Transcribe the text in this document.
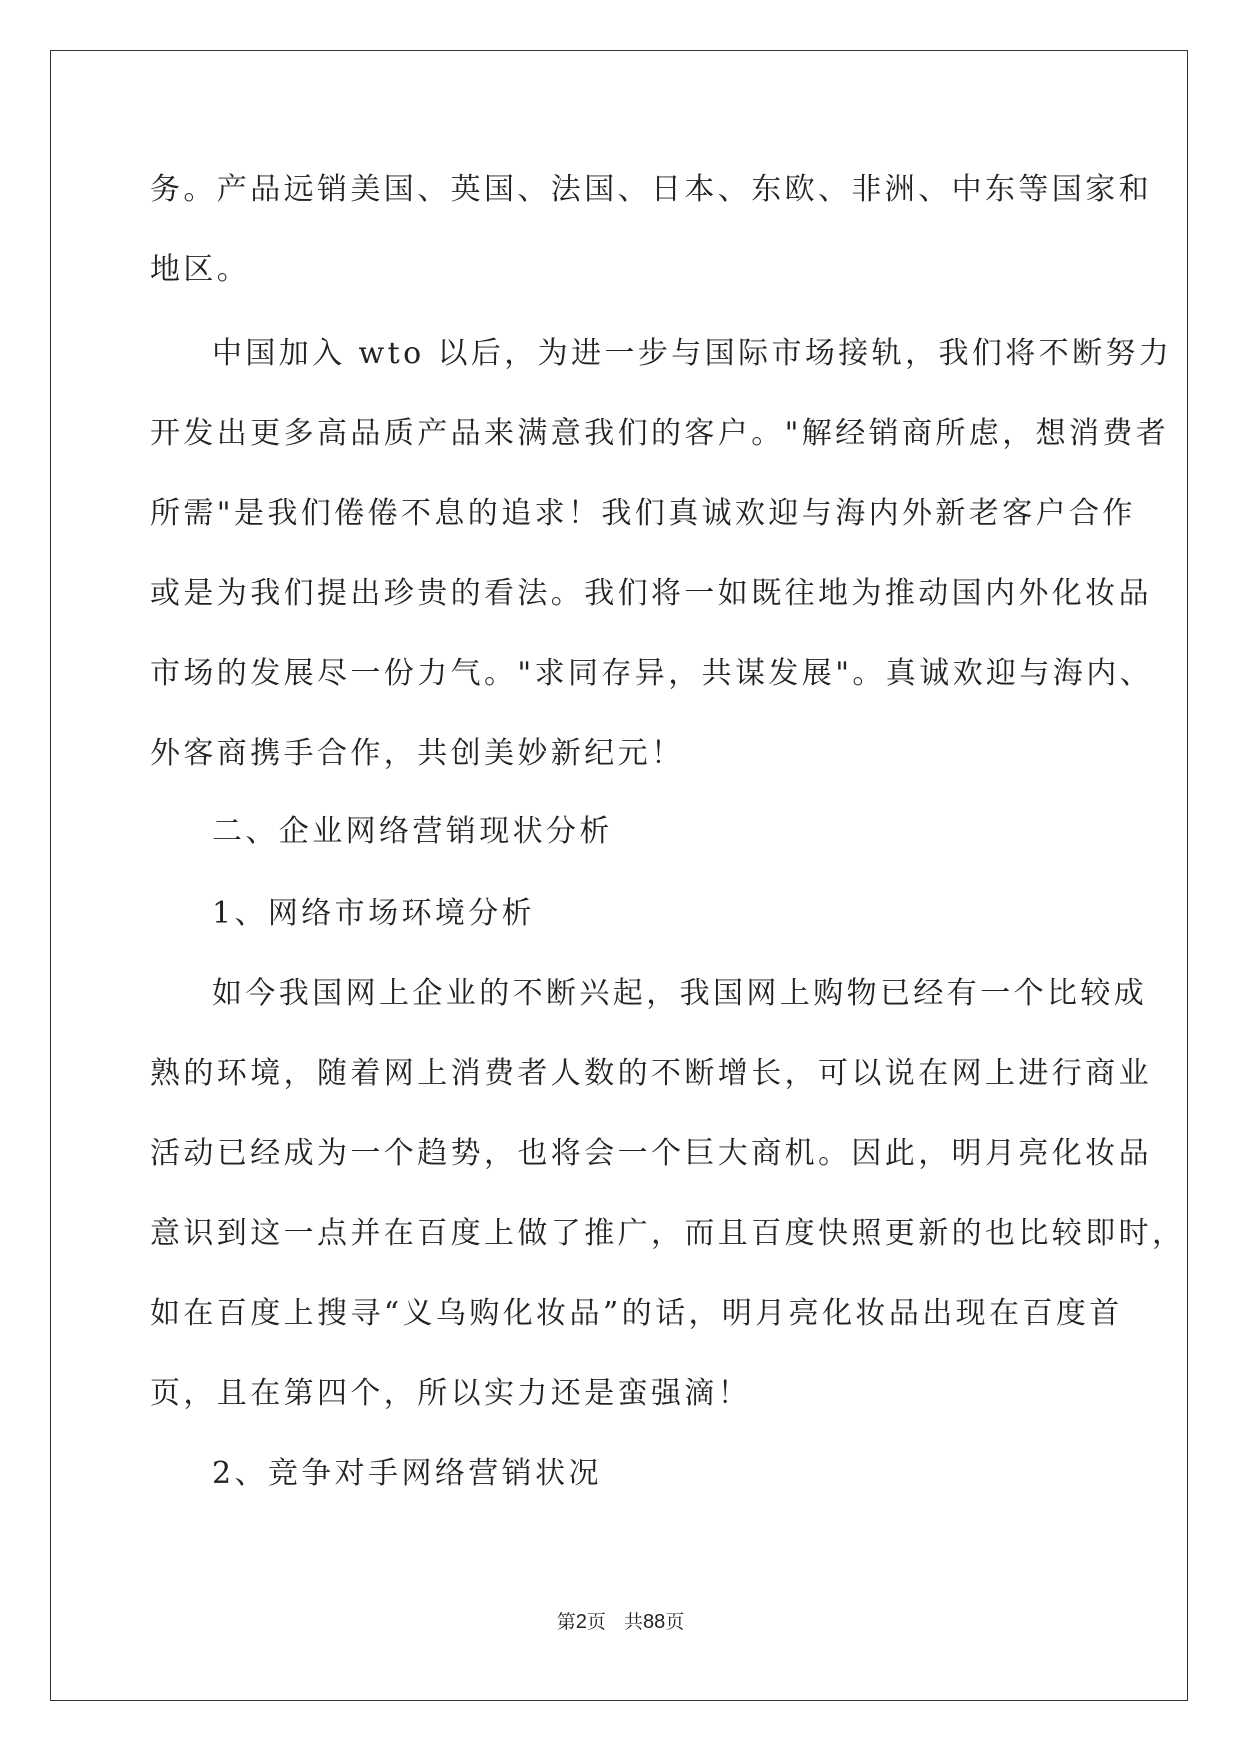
务。产品远销美国、英国、法国、日本、东欧、非洲、中东等国家和
地区。
中国加入 wto 以后，为进一步与国际市场接轨，我们将不断努力
开发出更多高品质产品来满意我们的客户。"解经销商所虑，想消费者
所需"是我们倦倦不息的追求！我们真诚欢迎与海内外新老客户合作
或是为我们提出珍贵的看法。我们将一如既往地为推动国内外化妆品
市场的发展尽一份力气。"求同存异，共谋发展"。真诚欢迎与海内、
外客商携手合作，共创美妙新纪元！
二、企业网络营销现状分析
1、网络市场环境分析
如今我国网上企业的不断兴起，我国网上购物已经有一个比较成
熟的环境，随着网上消费者人数的不断增长，可以说在网上进行商业
活动已经成为一个趋势，也将会一个巨大商机。因此，明月亮化妆品
意识到这一点并在百度上做了推广，而且百度快照更新的也比较即时，
如在百度上搜寻“义乌购化妆品”的话，明月亮化妆品出现在百度首
页，且在第四个，所以实力还是蛮强滴！
2、竞争对手网络营销状况
第2页 共88页
